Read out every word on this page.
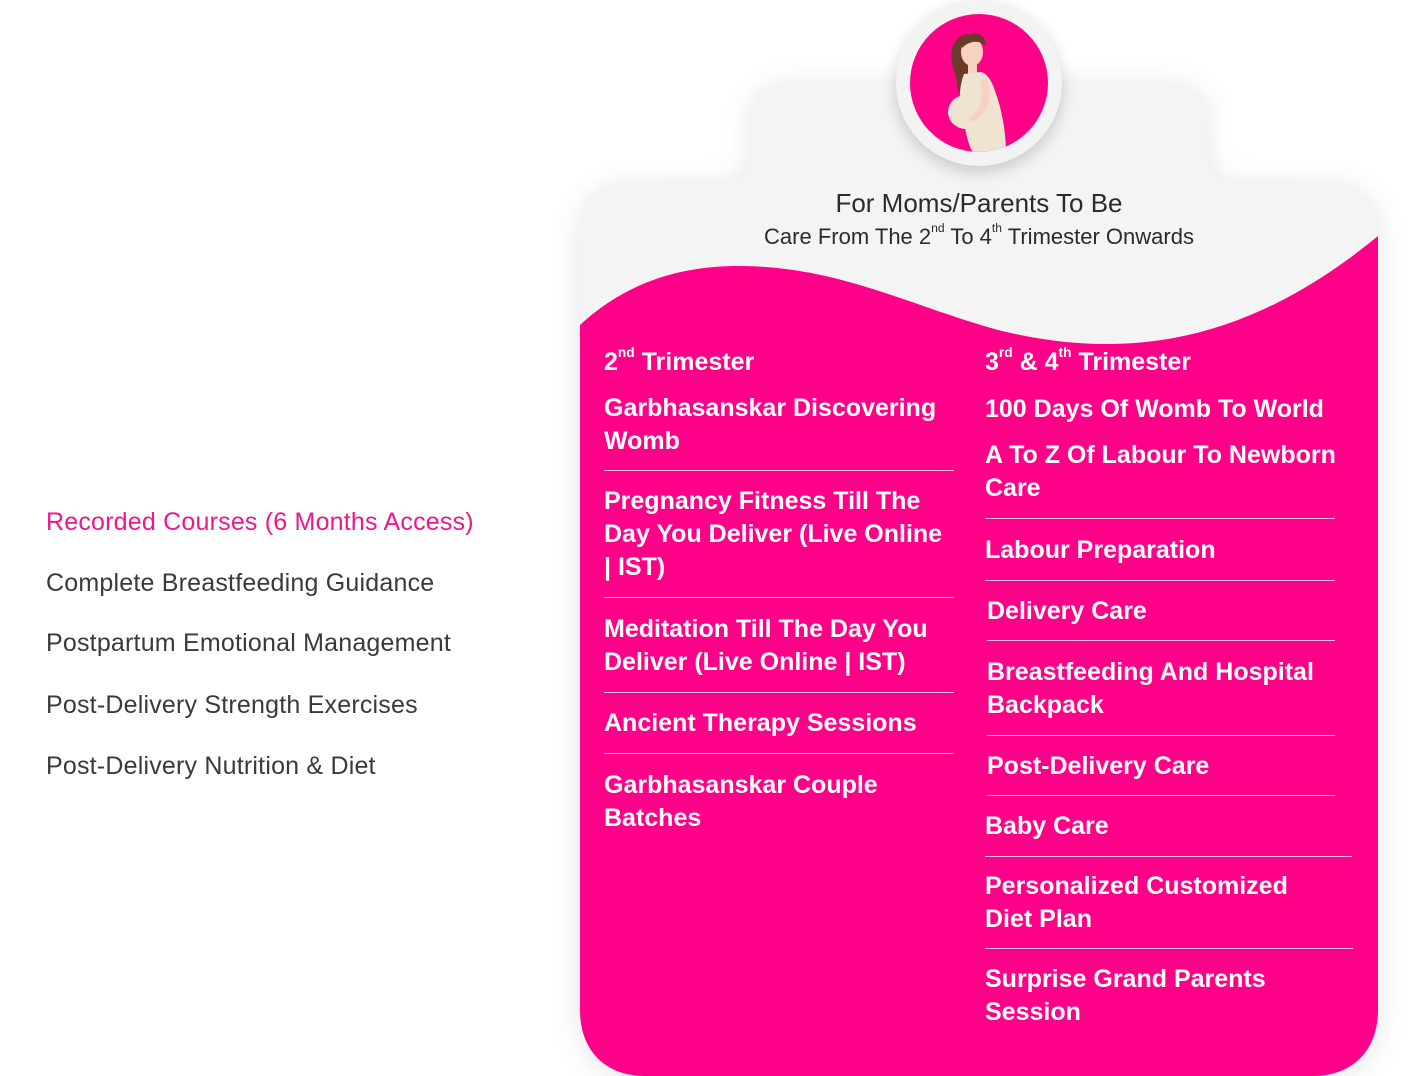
Recorded Courses (6 Months Access)
Complete Breastfeeding Guidance
Postpartum Emotional Management
Post-Delivery Strength Exercises
Post-Delivery Nutrition & Diet
For Moms/Parents To Be
Care From The 2nd To 4th Trimester Onwards
2nd Trimester
Garbhasanskar Discovering Womb
Pregnancy Fitness Till The Day You Deliver (Live Online | IST)
Meditation Till The Day You Deliver (Live Online | IST)
Ancient Therapy Sessions
Garbhasanskar Couple Batches
3rd & 4th Trimester
100 Days Of Womb To World
A To Z Of Labour To Newborn Care
Labour Preparation
Delivery Care
Breastfeeding And Hospital Backpack
Post-Delivery Care
Baby Care
Personalized Customized Diet Plan
Surprise Grand Parents Session
